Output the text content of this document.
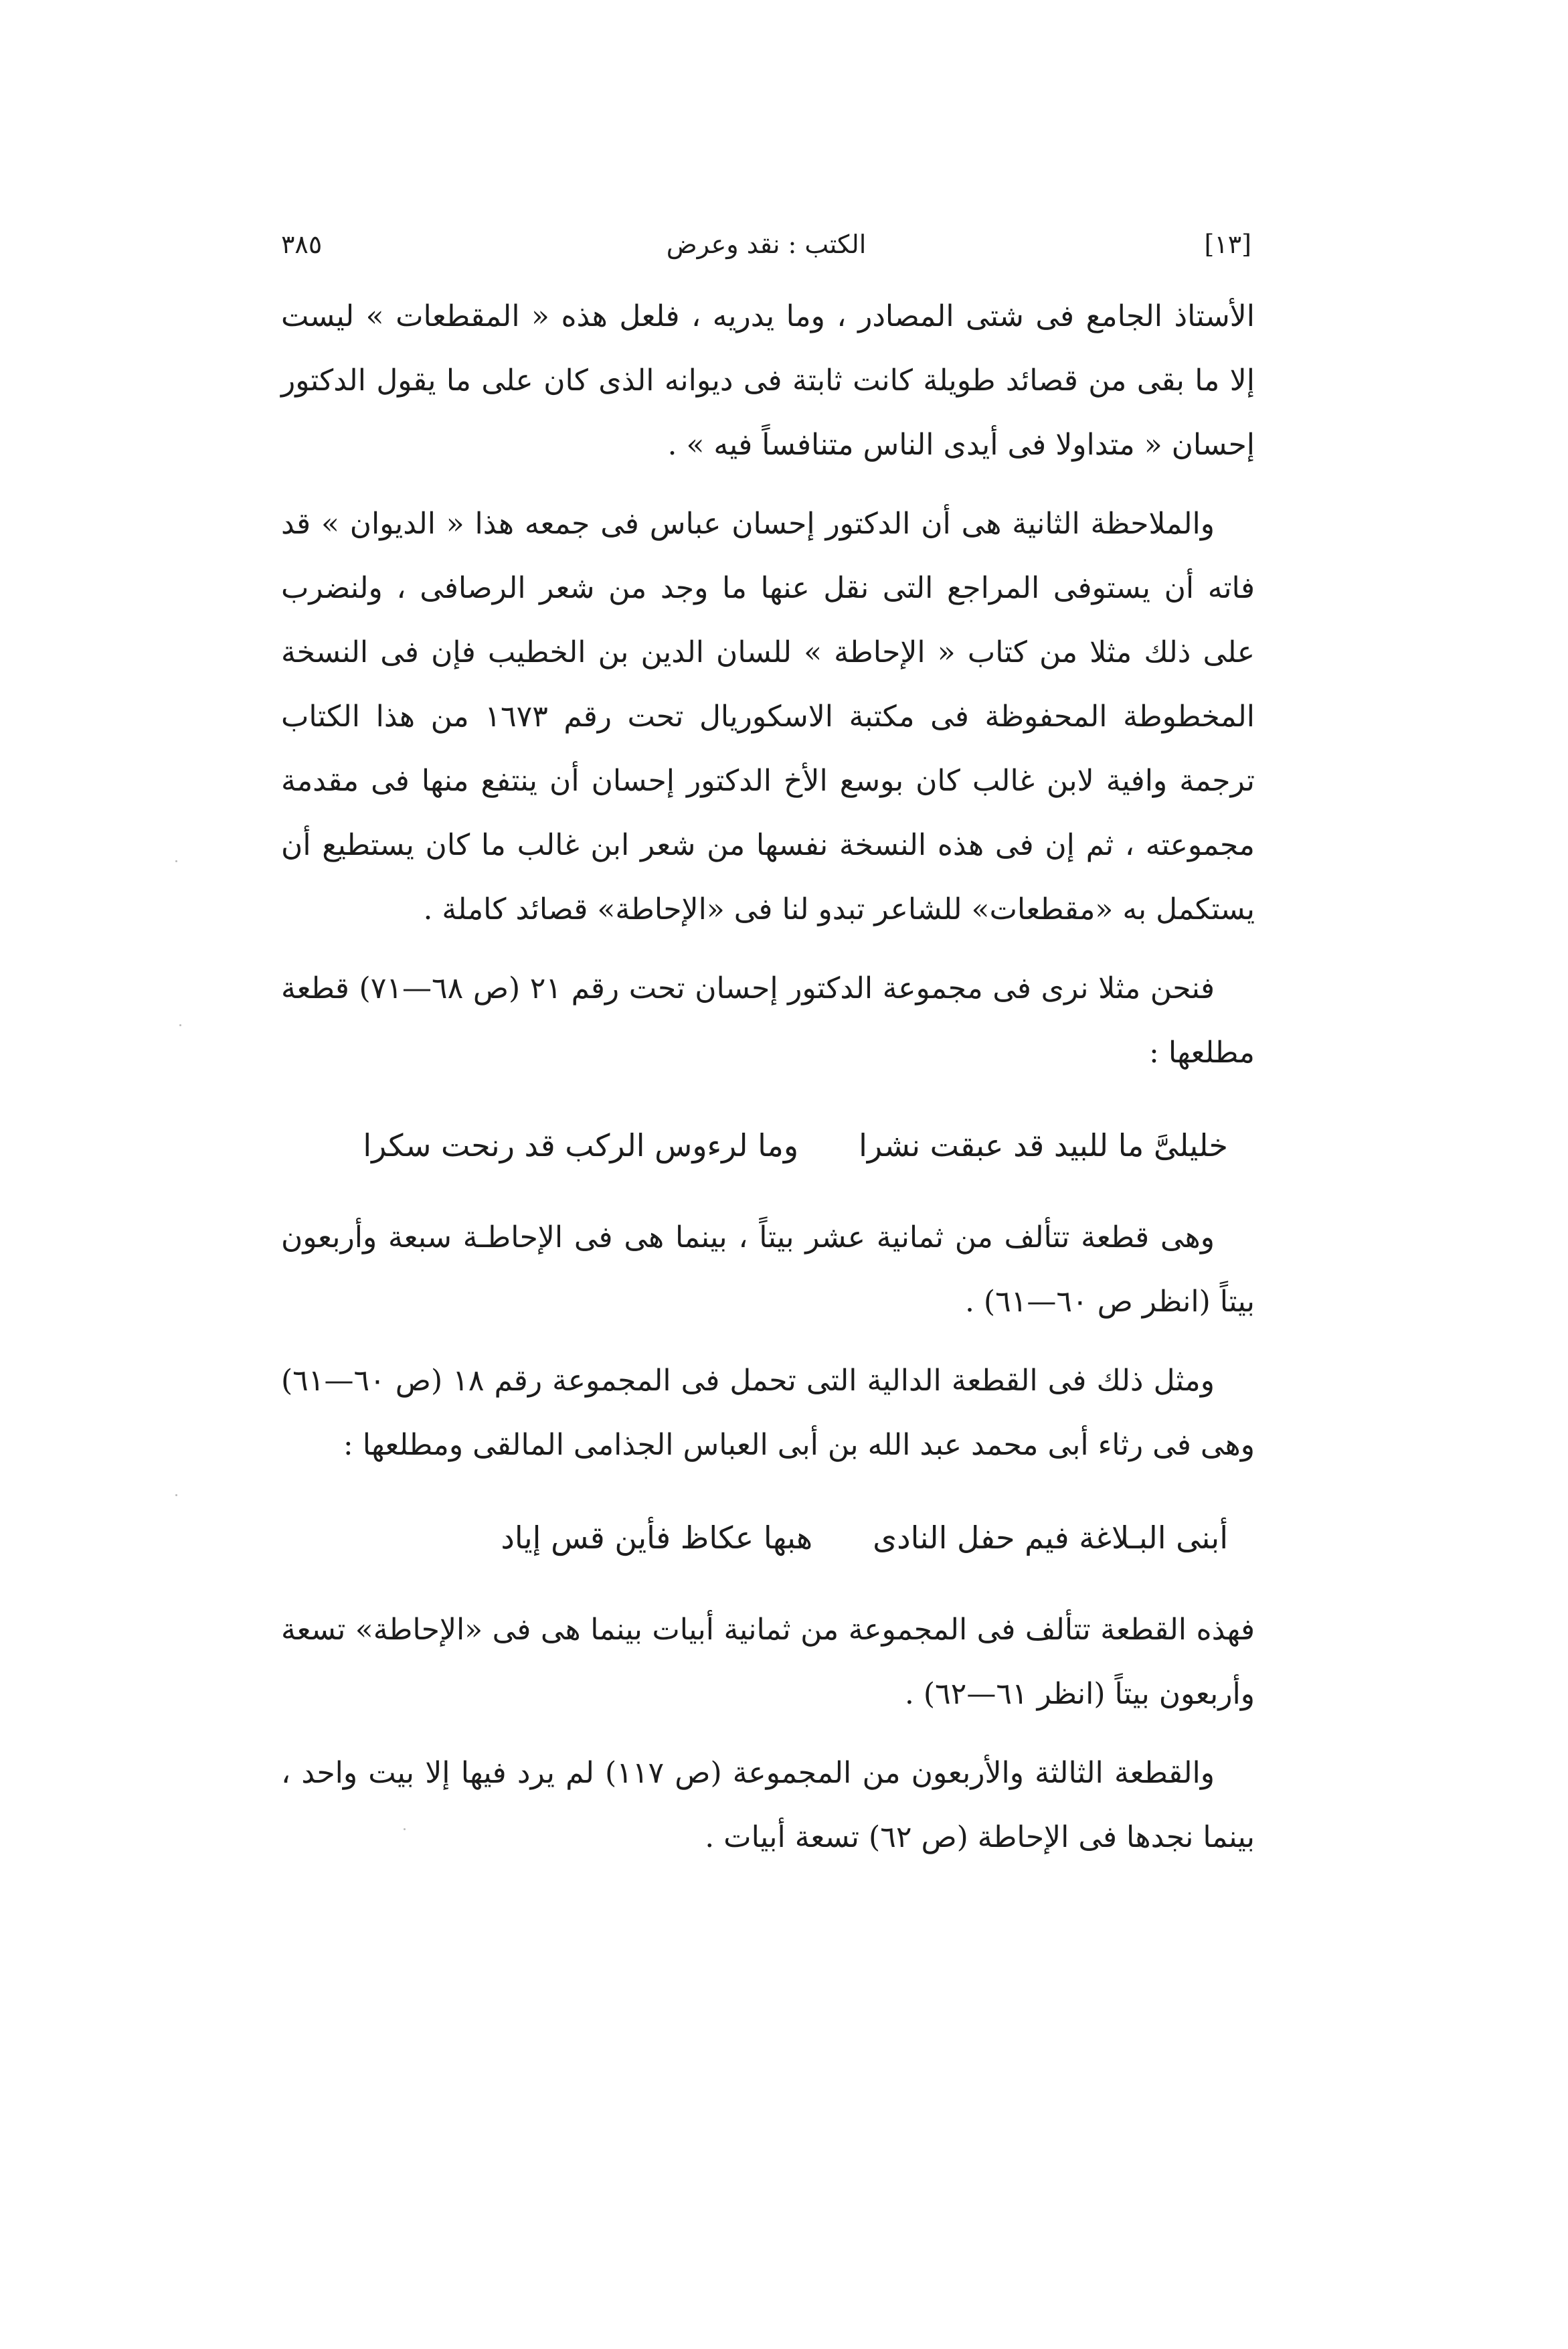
٣٨٥	الكتب : نقد وعرض	[١٣]

الأستاذ الجامع فى شتى المصادر ، وما يدريه ، فلعل هذه « المقطعات » ليست إلا ما بقى من قصائد طويلة كانت ثابتة فى ديوانه الذى كان على ما يقول الدكتور إحسان « متداولا فى أيدى الناس متنافساً فيه » .

والملاحظة الثانية هى أن الدكتور إحسان عباس فى جمعه هذا « الديوان » قد فاته أن يستوفى المراجع التى نقل عنها ما وجد من شعر الرصافى ، ولنضرب على ذلك مثلا من كتاب « الإحاطة » للسان الدين بن الخطيب فإن فى النسخة المخطوطة المحفوظة فى مكتبة الاسكوريال تحت رقم ١٦٧٣ من هذا الكتاب ترجمة وافية لابن غالب كان بوسع الأخ الدكتور إحسان أن ينتفع منها فى مقدمة مجموعته ، ثم إن فى هذه النسخة نفسها من شعر ابن غالب ما كان يستطيع أن يستكمل به «مقطعات» للشاعر تبدو لنا فى «الإحاطة» قصائد كاملة .

فنحن مثلا نرى فى مجموعة الدكتور إحسان تحت رقم ٢١ (ص ٦٨—٧١) قطعة مطلعها :

خليلىَّ ما للبيد قد عبقت نشرا
وما لرءوس الركب قد رنحت سكرا

وهى قطعة تتألف من ثمانية عشر بيتاً ، بينما هى فى الإحاطـة سبعة وأربعون بيتاً (انظر ص ٦٠—٦١) .

ومثل ذلك فى القطعة الدالية التى تحمل فى المجموعة رقم ١٨ (ص ٦٠—٦١) وهى فى رثاء أبى محمد عبد الله بن أبى العباس الجذامى المالقى ومطلعها :

أبنى البـلاغة فيم حفل النادى
هبها عكاظ فأين قس إياد

فهذه القطعة تتألف فى المجموعة من ثمانية أبيات بينما هى فى «الإحاطة» تسعة وأربعون بيتاً (انظر ٦١—٦٢) .

والقطعة الثالثة والأربعون من المجموعة (ص ١١٧) لم يرد فيها إلا بيت واحد ، بينما نجدها فى الإحاطة (ص ٦٢) تسعة أبيات .
